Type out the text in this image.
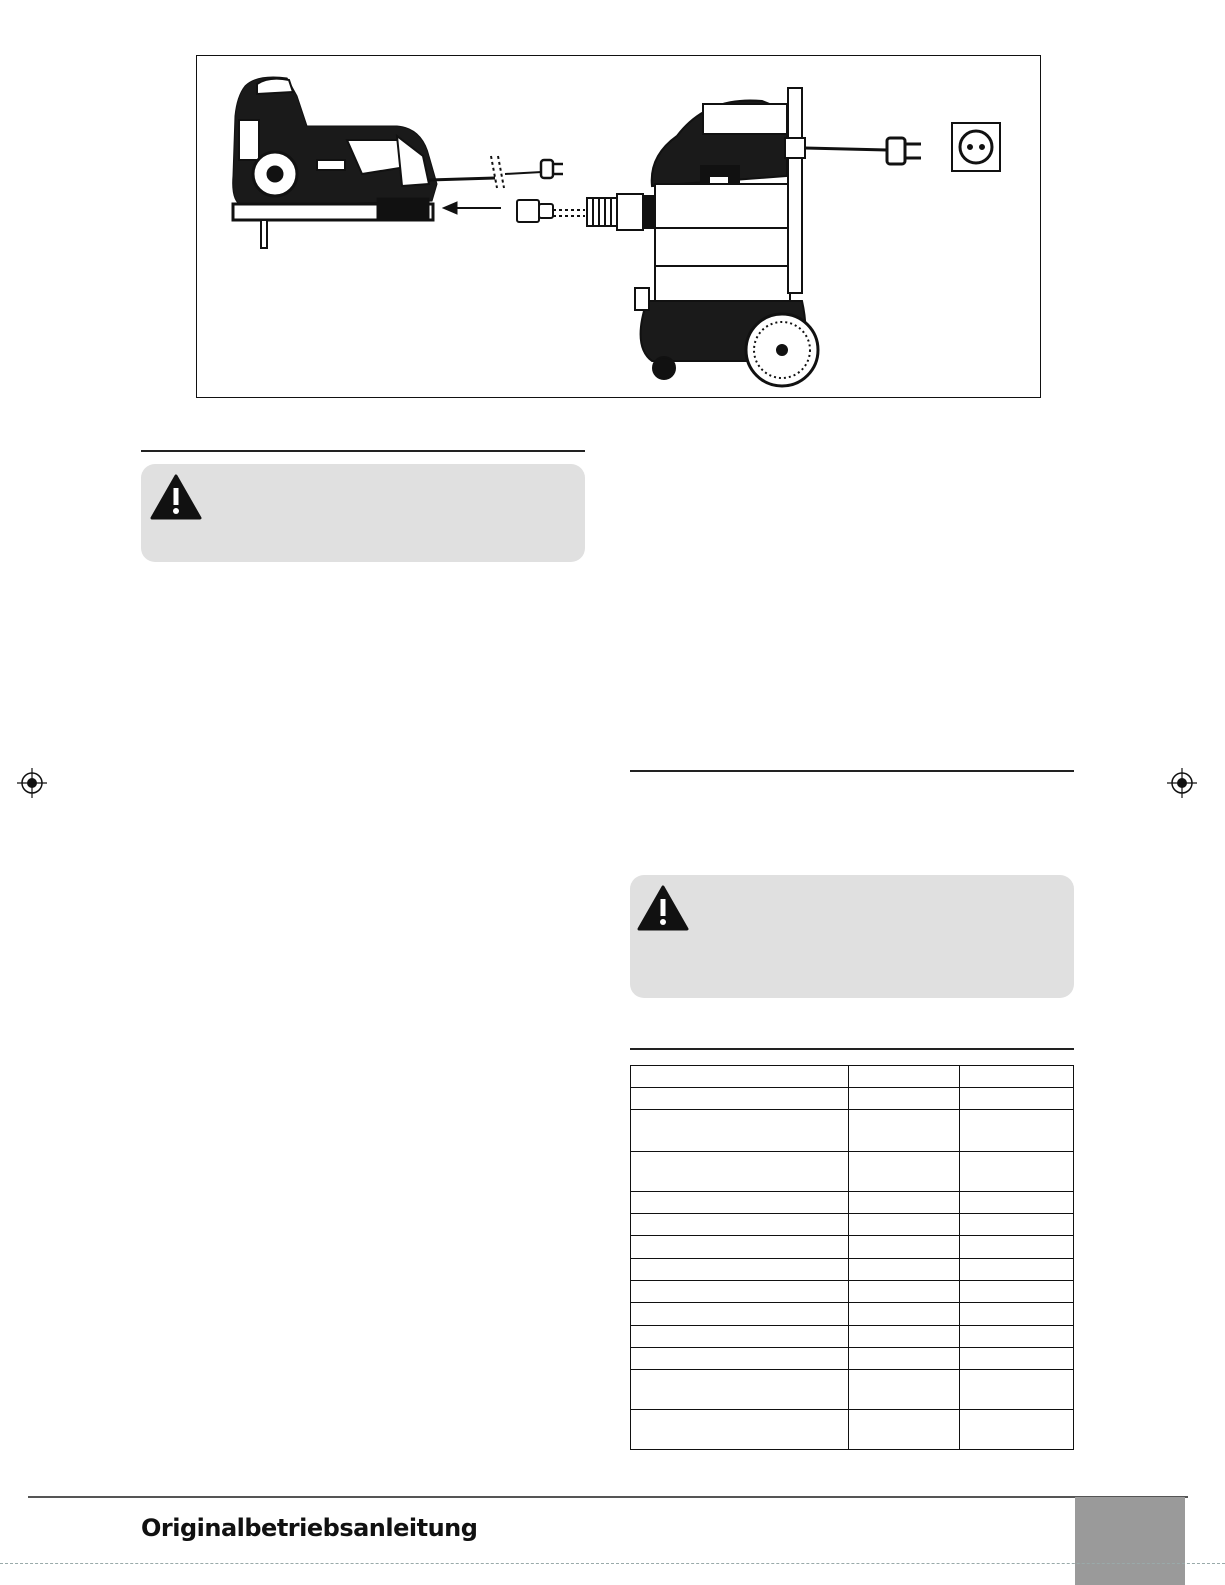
Originalbetriebsanleitung
